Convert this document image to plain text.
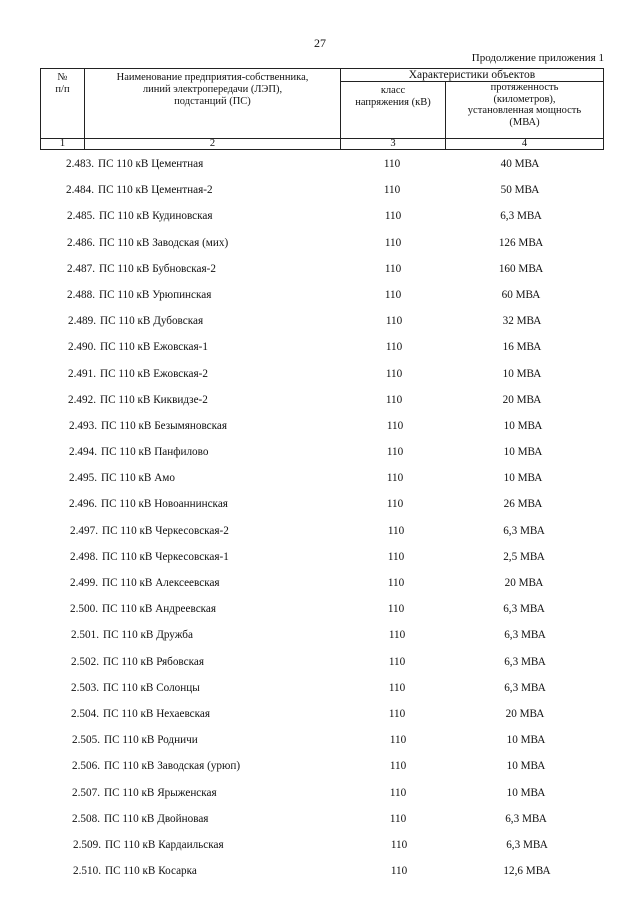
27
Продолжение приложения 1
№
п/п
Наименование предприятия-собственника,
линий электропередачи (ЛЭП),
подстанций (ПС)
Характеристики объектов
класс
напряжения (кВ)
протяженность
(километров),
установленная мощность
(МВА)
1	2	3	4
2.483. ПС 110 кВ Цементная	110	40 МВА
2.484. ПС 110 кВ Цементная-2	110	50 МВА
2.485. ПС 110 кВ Кудиновская	110	6,3 МВА
2.486. ПС 110 кВ Заводская (мих)	110	126 МВА
2.487. ПС 110 кВ Бубновская-2	110	160 МВА
2.488. ПС 110 кВ Урюпинская	110	60 МВА
2.489. ПС 110 кВ Дубовская	110	32 МВА
2.490. ПС 110 кВ Ежовская-1	110	16 МВА
2.491. ПС 110 кВ Ежовская-2	110	10 МВА
2.492. ПС 110 кВ Киквидзе-2	110	20 МВА
2.493. ПС 110 кВ Безымяновская	110	10 МВА
2.494. ПС 110 кВ Панфилово	110	10 МВА
2.495. ПС 110 кВ Амо	110	10 МВА
2.496. ПС 110 кВ Новоаннинская	110	26 МВА
2.497. ПС 110 кВ Черкесовская-2	110	6,3 МВА
2.498. ПС 110 кВ Черкесовская-1	110	2,5 МВА
2.499. ПС 110 кВ Алексеевская	110	20 МВА
2.500. ПС 110 кВ Андреевская	110	6,3 МВА
2.501. ПС 110 кВ Дружба	110	6,3 МВА
2.502. ПС 110 кВ Рябовская	110	6,3 МВА
2.503. ПС 110 кВ Солонцы	110	6,3 МВА
2.504. ПС 110 кВ Нехаевская	110	20 МВА
2.505. ПС 110 кВ Родничи	110	10 МВА
2.506. ПС 110 кВ Заводская (урюп)	110	10 МВА
2.507. ПС 110 кВ Ярыженская	110	10 МВА
2.508. ПС 110 кВ Двойновая	110	6,3 МВА
2.509. ПС 110 кВ Кардаильская	110	6,3 МВА
2.510. ПС 110 кВ Косарка	110	12,6 МВА
